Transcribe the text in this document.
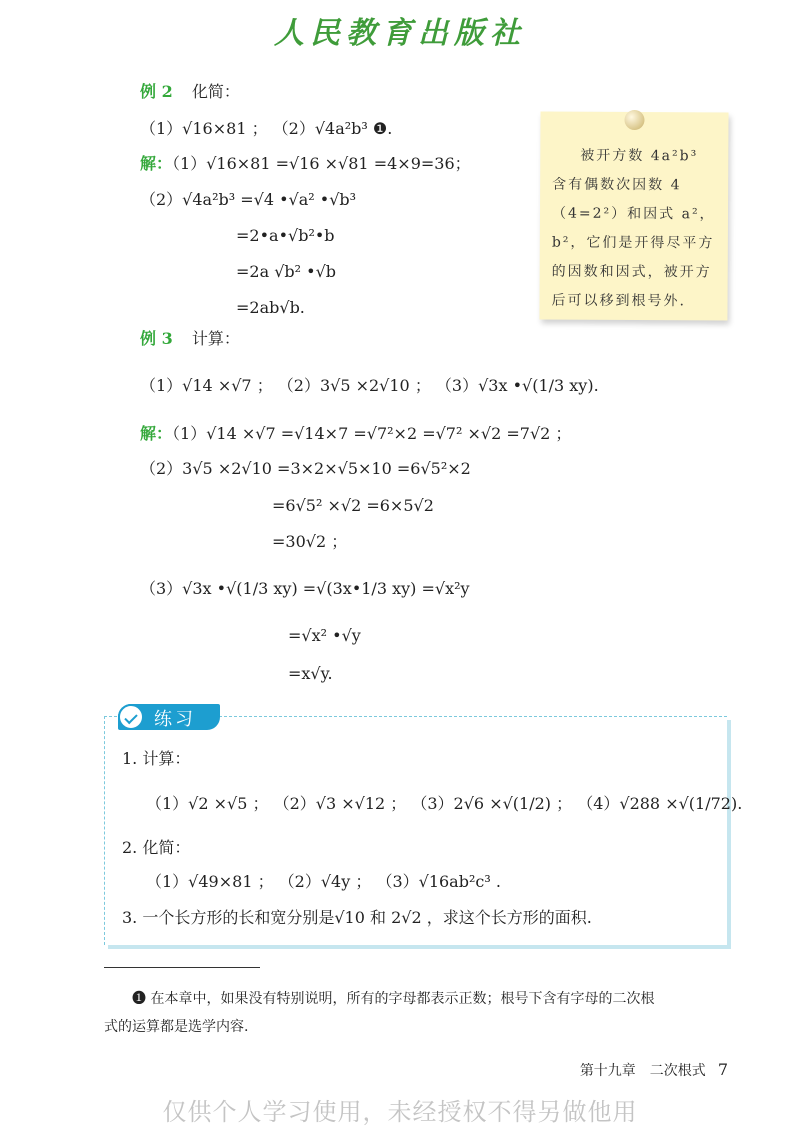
人民教育出版社
例 2 化简：
（1）√16×81 ； （2）√4a²b³ ❶.
解：（1）√16×81 =√16 ×√81 =4×9=36；
（2）√4a²b³ =√4 •√a² •√b³
=2•a•√b²•b
=2a √b² •√b
=2ab√b.
被开方数 4a²b³ 含有偶数次因数 4 （4=2²）和因式 a²，b²，它们是开得尽平方的因数和因式，被开方后可以移到根号外.
例 3 计算：
（1）√14 ×√7 ； （2）3√5 ×2√10 ； （3）√3x •√(1/3 xy).
解：（1）√14 ×√7 =√14×7 =√7²×2 =√7² ×√2 =7√2 ；
（2）3√5 ×2√10 =3×2×√5×10 =6√5²×2
=6√5² ×√2 =6×5√2
=30√2 ；
（3）√3x •√(1/3 xy) =√(3x•1/3 xy) =√x²y
=√x² •√y
=x√y.
练习
1. 计算：
（1）√2 ×√5 ； （2）√3 ×√12 ； （3）2√6 ×√(1/2) ； （4）√288 ×√(1/72).
2. 化简：
（1）√49×81 ； （2）√4y ； （3）√16ab²c³ .
3. 一个长方形的长和宽分别是√10 和 2√2 ，求这个长方形的面积.
❶ 在本章中，如果没有特别说明，所有的字母都表示正数；根号下含有字母的二次根
式的运算都是选学内容.
第十九章　二次根式 7
仅供个人学习使用，未经授权不得另做他用
